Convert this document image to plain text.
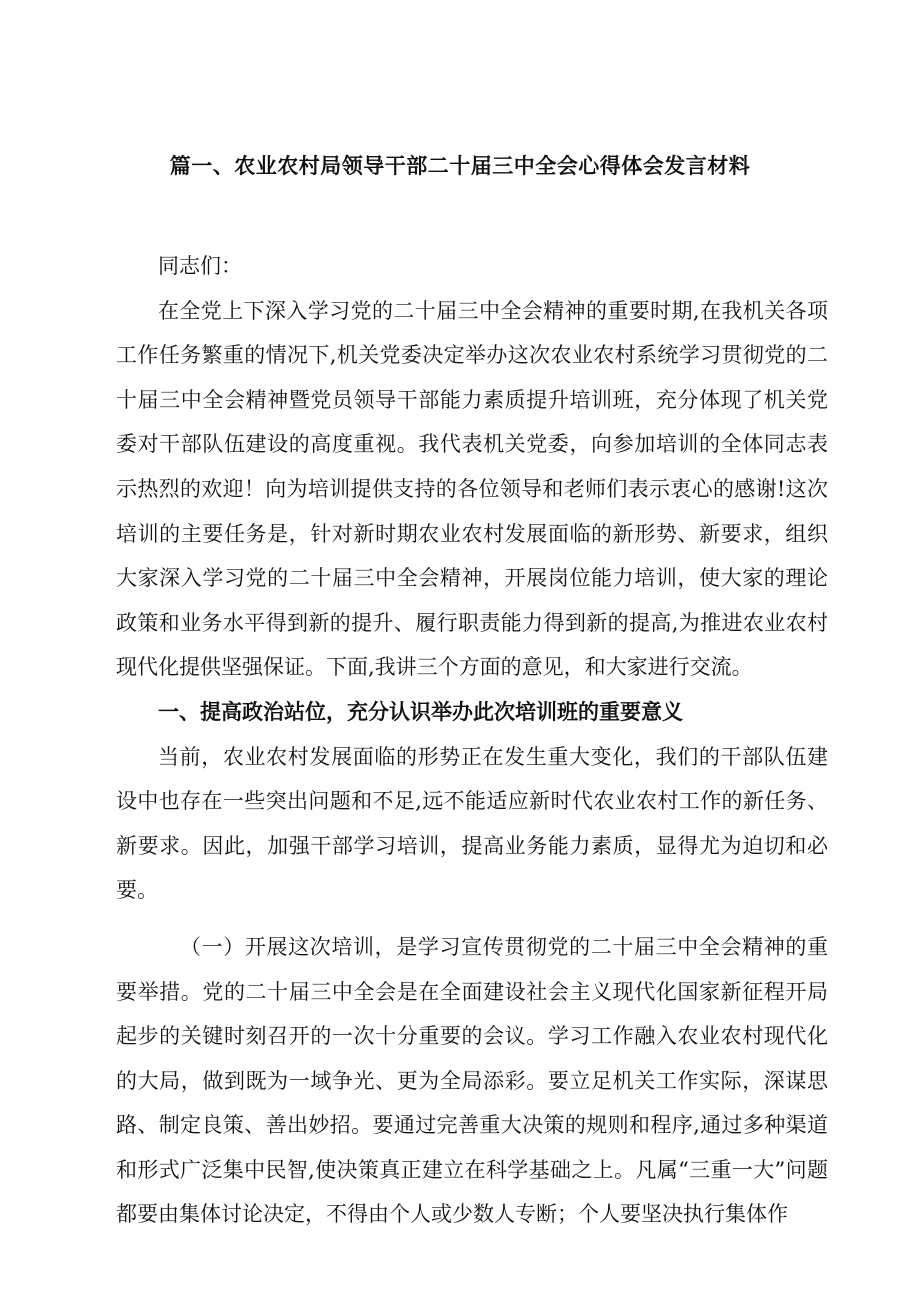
篇一、农业农村局领导干部二十届三中全会心得体会发言材料

同志们：

在全党上下深入学习党的二十届三中全会精神的重要时期,在我机关各项工作任务繁重的情况下,机关党委决定举办这次农业农村系统学习贯彻党的二十届三中全会精神暨党员领导干部能力素质提升培训班，充分体现了机关党委对干部队伍建设的高度重视。我代表机关党委，向参加培训的全体同志表示热烈的欢迎！向为培训提供支持的各位领导和老师们表示衷心的感谢!这次培训的主要任务是，针对新时期农业农村发展面临的新形势、新要求，组织大家深入学习党的二十届三中全会精神，开展岗位能力培训，使大家的理论政策和业务水平得到新的提升、履行职责能力得到新的提高,为推进农业农村现代化提供坚强保证。下面,我讲三个方面的意见，和大家进行交流。

一、提高政治站位，充分认识举办此次培训班的重要意义

当前，农业农村发展面临的形势正在发生重大变化，我们的干部队伍建设中也存在一些突出问题和不足,远不能适应新时代农业农村工作的新任务、新要求。因此，加强干部学习培训，提高业务能力素质，显得尤为迫切和必要。

（一）开展这次培训，是学习宣传贯彻党的二十届三中全会精神的重要举措。党的二十届三中全会是在全面建设社会主义现代化国家新征程开局起步的关键时刻召开的一次十分重要的会议。学习工作融入农业农村现代化的大局，做到既为一域争光、更为全局添彩。要立足机关工作实际，深谋思路、制定良策、善出妙招。要通过完善重大决策的规则和程序,通过多种渠道和形式广泛集中民智,使决策真正建立在科学基础之上。凡属“三重一大”问题都要由集体讨论决定，不得由个人或少数人专断；个人要坚决执行集体作
